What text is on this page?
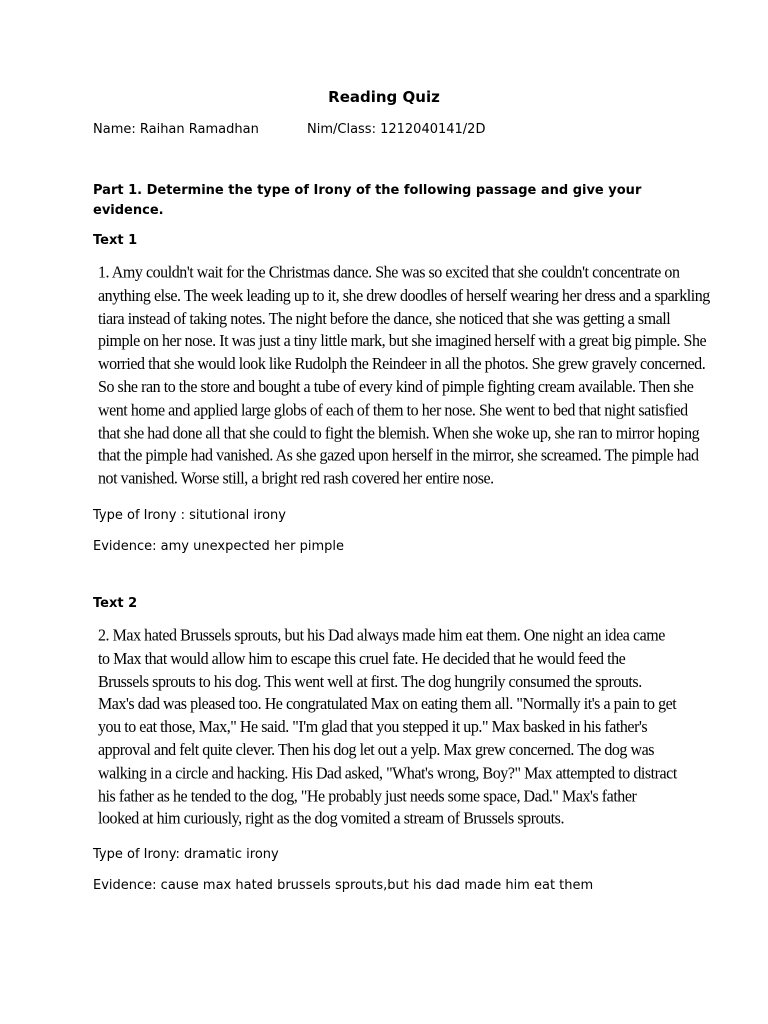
Reading Quiz
Name: Raihan Ramadhan	Nim/Class: 1212040141/2D
Part 1. Determine the type of Irony of the following passage and give your evidence.
Text 1
1. Amy couldn't wait for the Christmas dance. She was so excited that she couldn't concentrate on anything else. The week leading up to it, she drew doodles of herself wearing her dress and a sparkling tiara instead of taking notes. The night before the dance, she noticed that she was getting a small pimple on her nose. It was just a tiny little mark, but she imagined herself with a great big pimple. She worried that she would look like Rudolph the Reindeer in all the photos. She grew gravely concerned. So she ran to the store and bought a tube of every kind of pimple fighting cream available. Then she went home and applied large globs of each of them to her nose. She went to bed that night satisfied that she had done all that she could to fight the blemish. When she woke up, she ran to mirror hoping that the pimple had vanished. As she gazed upon herself in the mirror, she screamed. The pimple had not vanished. Worse still, a bright red rash covered her entire nose.
Type of Irony : situtional irony
Evidence: amy unexpected her pimple
Text 2
2. Max hated Brussels sprouts, but his Dad always made him eat them. One night an idea came to Max that would allow him to escape this cruel fate. He decided that he would feed the Brussels sprouts to his dog. This went well at first. The dog hungrily consumed the sprouts. Max's dad was pleased too. He congratulated Max on eating them all. "Normally it's a pain to get you to eat those, Max," He said. "I'm glad that you stepped it up." Max basked in his father's approval and felt quite clever. Then his dog let out a yelp. Max grew concerned. The dog was walking in a circle and hacking. His Dad asked, "What's wrong, Boy?" Max attempted to distract his father as he tended to the dog, "He probably just needs some space, Dad." Max's father looked at him curiously, right as the dog vomited a stream of Brussels sprouts.
Type of Irony: dramatic irony
Evidence: cause max hated brussels sprouts,but his dad made him eat them
